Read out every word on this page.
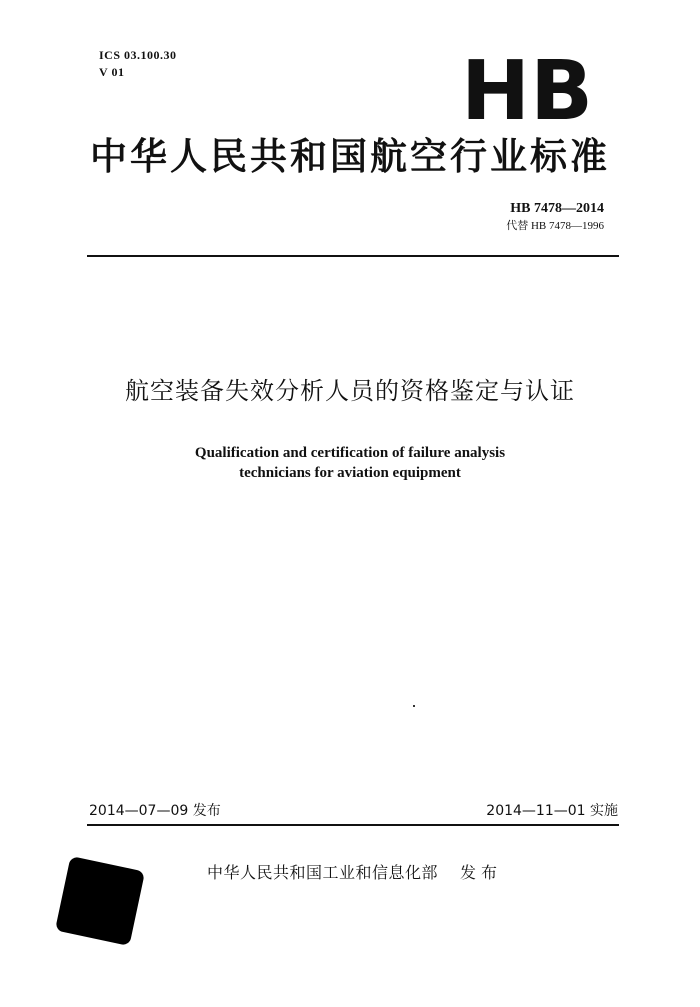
ICS 03.100.30
V 01	HB
中华人民共和国航空行业标准
HB 7478—2014
代替 HB 7478—1996
航空装备失效分析人员的资格鉴定与认证
Qualification and certification of failure analysis
technicians for aviation equipment
2014—07—09 发布	2014—11—01 实施
中华人民共和国工业和信息化部 发布
